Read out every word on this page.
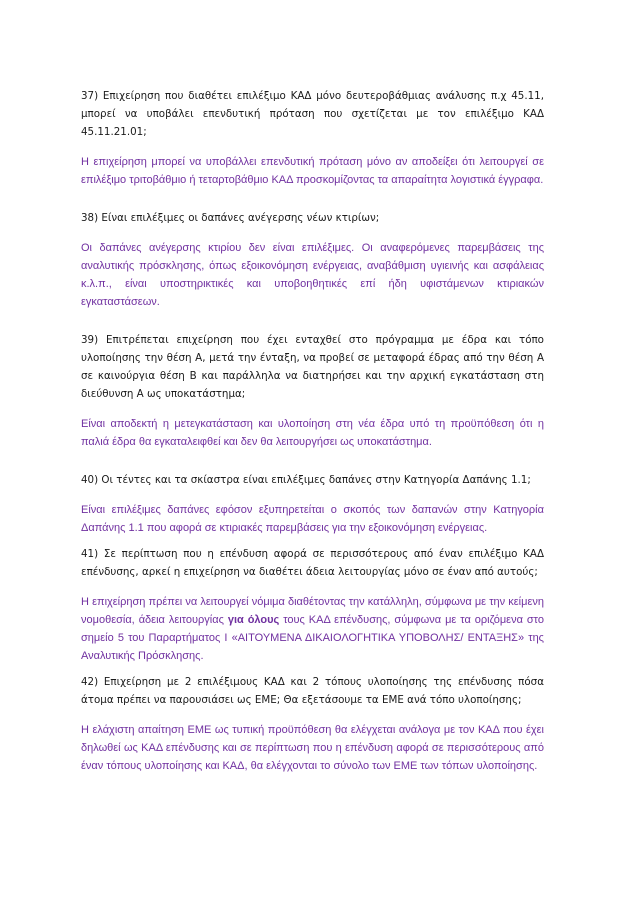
37) Επιχείρηση που διαθέτει επιλέξιμο ΚΑΔ μόνο δευτεροβάθμιας ανάλυσης π.χ 45.11, μπορεί να υποβάλει επενδυτική πρόταση που σχετίζεται με τον επιλέξιμο ΚΑΔ 45.11.21.01;

Η επιχείρηση μπορεί να υποβάλλει επενδυτική πρόταση μόνο αν αποδείξει ότι λειτουργεί σε επιλέξιμο τριτοβάθμιο ή τεταρτοβάθμιο ΚΑΔ προσκομίζοντας τα απαραίτητα λογιστικά έγγραφα.

38) Είναι επιλέξιμες οι δαπάνες ανέγερσης νέων κτιρίων;

Οι δαπάνες ανέγερσης κτιρίου δεν είναι επιλέξιμες. Οι αναφερόμενες παρεμβάσεις της αναλυτικής πρόσκλησης, όπως εξοικονόμηση ενέργειας, αναβάθμιση υγιεινής και ασφάλειας κ.λ.π., είναι υποστηρικτικές και υποβοηθητικές επί ήδη υφιστάμενων κτιριακών εγκαταστάσεων.

39) Επιτρέπεται επιχείρηση που έχει ενταχθεί στο πρόγραμμα με έδρα και τόπο υλοποίησης την θέση Α, μετά την ένταξη, να προβεί σε μεταφορά έδρας από την θέση Α σε καινούργια θέση Β και παράλληλα να διατηρήσει και την αρχική εγκατάσταση στη διεύθυνση Α ως υποκατάστημα;

Είναι αποδεκτή η μετεγκατάσταση και υλοποίηση στη νέα έδρα υπό τη προϋπόθεση ότι η παλιά έδρα θα εγκαταλειφθεί και δεν θα λειτουργήσει ως υποκατάστημα.

40) Οι τέντες και τα σκίαστρα είναι επιλέξιμες δαπάνες στην Κατηγορία Δαπάνης 1.1;

Είναι επιλέξιμες δαπάνες εφόσον εξυπηρετείται ο σκοπός των δαπανών στην Κατηγορία Δαπάνης 1.1 που αφορά σε κτιριακές παρεμβάσεις για την εξοικονόμηση ενέργειας.

41) Σε περίπτωση που η επένδυση αφορά σε περισσότερους από έναν επιλέξιμο ΚΑΔ επένδυσης, αρκεί η επιχείρηση να διαθέτει άδεια λειτουργίας μόνο σε έναν από αυτούς;

Η επιχείρηση πρέπει να λειτουργεί νόμιμα διαθέτοντας την κατάλληλη, σύμφωνα με την κείμενη νομοθεσία, άδεια λειτουργίας για όλους τους ΚΑΔ επένδυσης, σύμφωνα με τα οριζόμενα στο σημείο 5 του Παραρτήματος Ι «ΑΙΤΟΥΜΕΝΑ ΔΙΚΑΙΟΛΟΓΗΤΙΚΑ ΥΠΟΒΟΛΗΣ/ ΕΝΤΑΞΗΣ» της Αναλυτικής Πρόσκλησης.

42) Επιχείρηση με 2 επιλέξιμους ΚΑΔ και 2 τόπους υλοποίησης της επένδυσης πόσα άτομα πρέπει να παρουσιάσει ως ΕΜΕ; Θα εξετάσουμε τα ΕΜΕ ανά τόπο υλοποίησης;

Η ελάχιστη απαίτηση ΕΜΕ ως τυπική προϋπόθεση θα ελέγχεται ανάλογα με τον ΚΑΔ που έχει δηλωθεί ως ΚΑΔ επένδυσης και σε περίπτωση που η επένδυση αφορά σε περισσότερους από έναν τόπους υλοποίησης και ΚΑΔ, θα ελέγχονται το σύνολο των ΕΜΕ των τόπων υλοποίησης.
